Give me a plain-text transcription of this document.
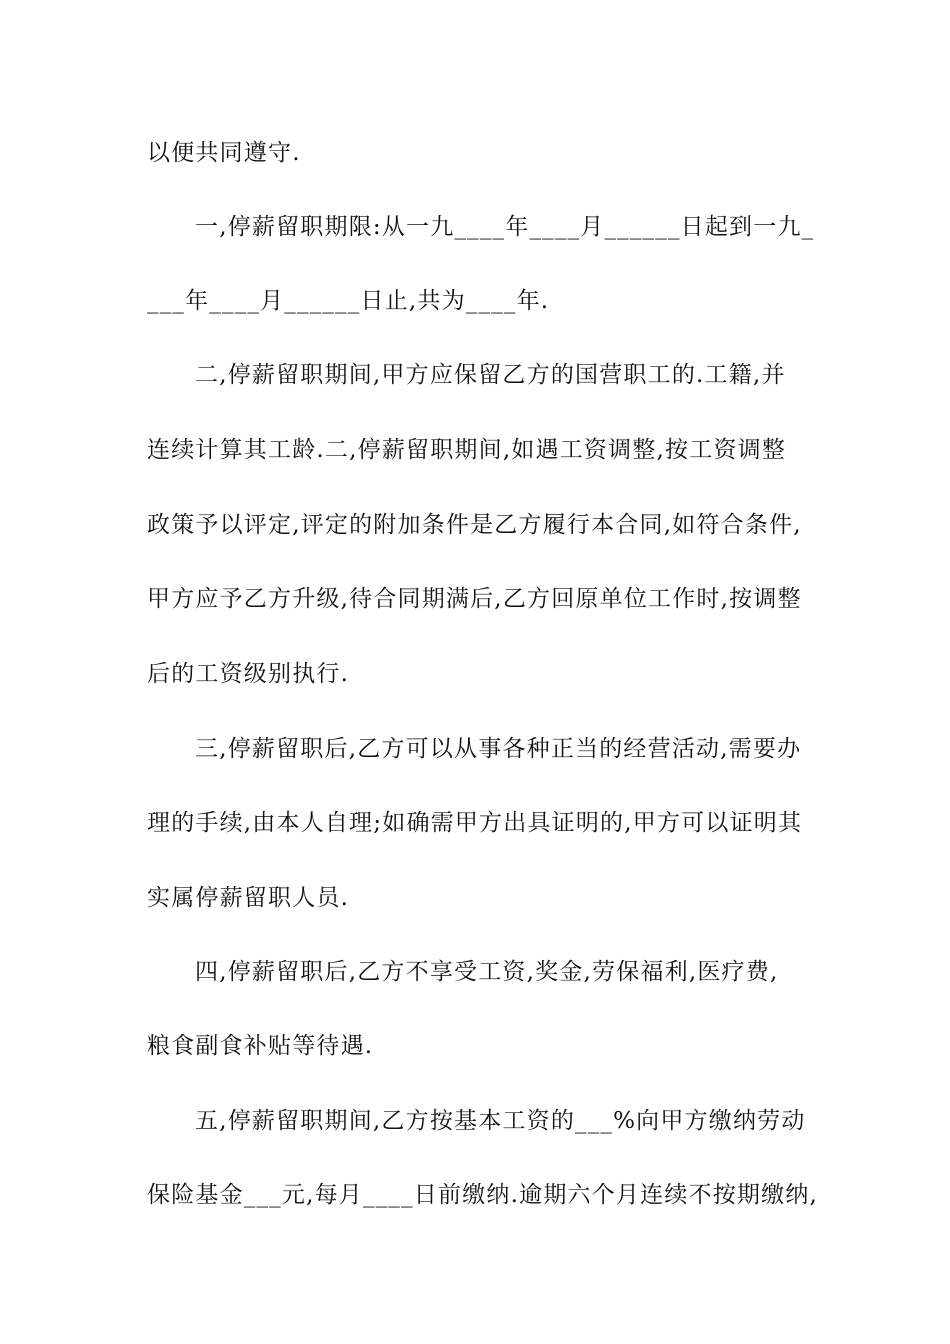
以便共同遵守.
一,停薪留职期限:从一九____年____月______日起到一九_
___年____月______日止,共为____年.
二,停薪留职期间,甲方应保留乙方的国营职工的.工籍,并
连续计算其工龄.二,停薪留职期间,如遇工资调整,按工资调整
政策予以评定,评定的附加条件是乙方履行本合同,如符合条件,
甲方应予乙方升级,待合同期满后,乙方回原单位工作时,按调整
后的工资级别执行.
三,停薪留职后,乙方可以从事各种正当的经营活动,需要办
理的手续,由本人自理;如确需甲方出具证明的,甲方可以证明其
实属停薪留职人员.
四,停薪留职后,乙方不享受工资,奖金,劳保福利,医疗费,
粮食副食补贴等待遇.
五,停薪留职期间,乙方按基本工资的___%向甲方缴纳劳动
保险基金___元,每月____日前缴纳.逾期六个月连续不按期缴纳,
